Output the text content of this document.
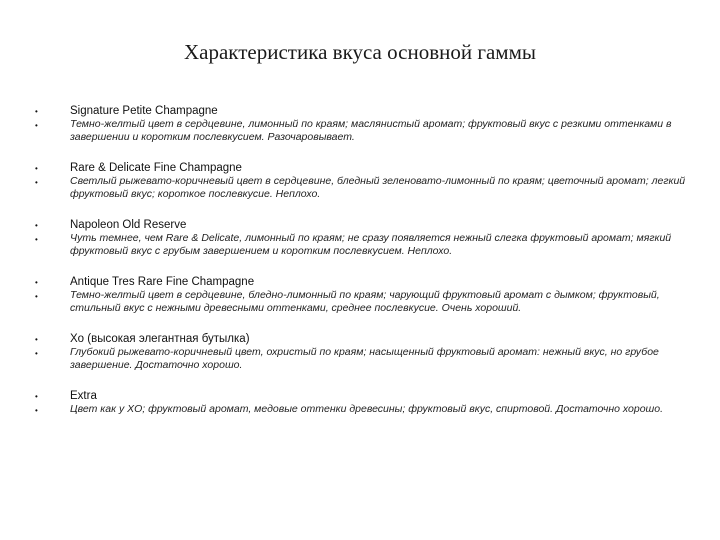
Характеристика вкуса основной гаммы
•
•
Signature Petite Champagne
Темно-желтый цвет в сердцевине, лимонный по краям; маслянистый аромат; фруктовый вкус с резкими оттенками в завершении и коротким послевкусием. Разочаровывает.
•
•
Rare & Delicate Fine Champagne
Светлый рыжевато-коричневый цвет в сердцевине, бледный зеленовато-лимонный по краям; цветочный аромат; легкий фруктовый вкус; короткое послевкусие. Неплохо.
•
•
Napoleon Old Reserve
Чуть темнее, чем Rare & Delicate, лимонный по краям; не сразу появляется нежный слегка фруктовый аромат; мягкий фруктовый вкус с грубым завершением и коротким послевкусием. Неплохо.
•
•
Antique Tres Rare Fine Champagne
Темно-желтый цвет в сердцевине, бледно-лимонный по краям; чарующий фруктовый аромат с дымком; фруктовый, стильный вкус с нежными древесными оттенками, среднее послевкусие. Очень хороший.
•
•
Xo (высокая элегантная бутылка)
Глубокий рыжевато-коричневый цвет, охристый по краям; насыщенный фруктовый аромат: нежный вкус, но грубое завершение. Достаточно хорошо.
•
•
Extra
Цвет как у XO; фруктовый аромат, медовые оттенки древесины; фруктовый вкус, спиртовой. Достаточно хорошо.
